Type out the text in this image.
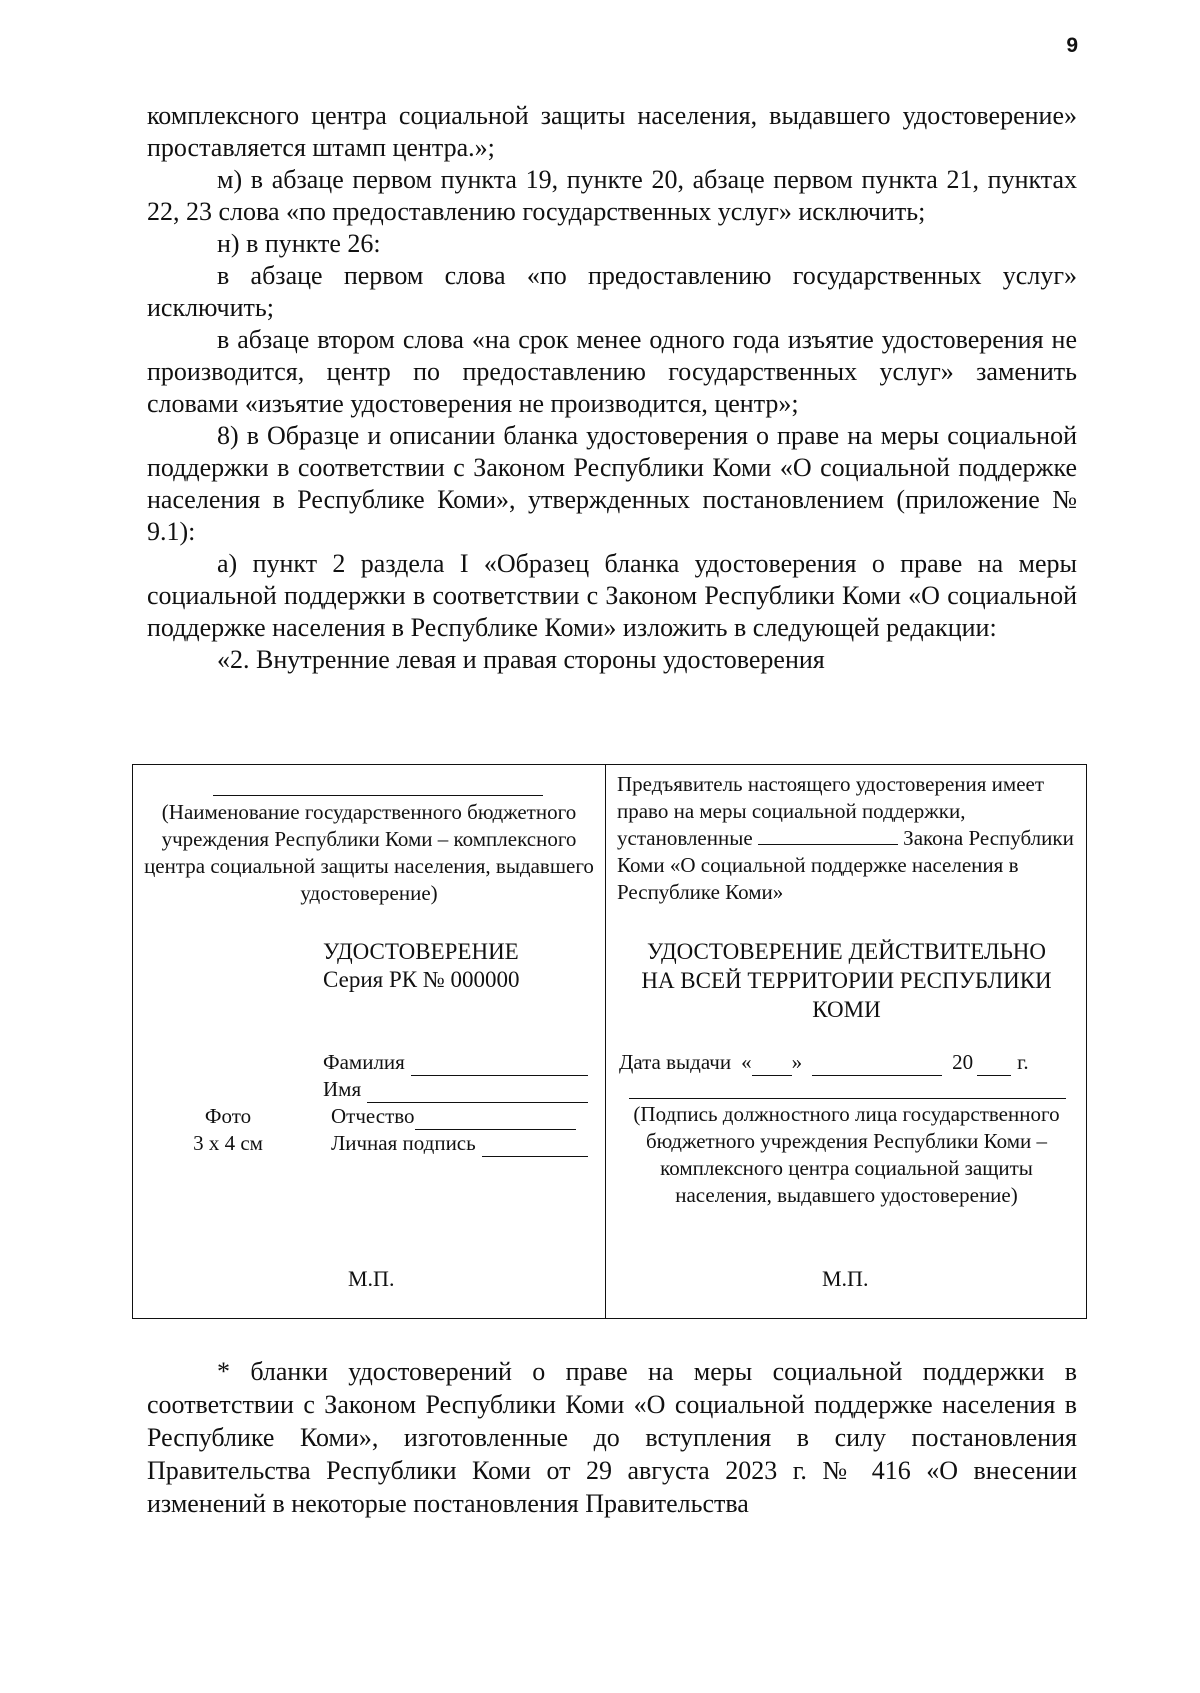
9

комплексного центра социальной защиты населения, выдавшего удостоверение» проставляется штамп центра.»;

м) в абзаце первом пункта 19, пункте 20, абзаце первом пункта 21, пунктах 22, 23 слова «по предоставлению государственных услуг» исключить;

н) в пункте 26:

в абзаце первом слова «по предоставлению государственных услуг» исключить;

в абзаце втором слова «на срок менее одного года изъятие удостоверения не производится, центр по предоставлению государственных услуг» заменить словами «изъятие удостоверения не производится, центр»;

8) в Образце и описании бланка удостоверения о праве на меры социальной поддержки в соответствии с Законом Республики Коми «О социальной поддержке населения в Республике Коми», утвержденных постановлением (приложение № 9.1):

а) пункт 2 раздела I «Образец бланка удостоверения о праве на меры социальной поддержки в соответствии с Законом Республики Коми «О социальной поддержке населения в Республике Коми» изложить в следующей редакции:

«2. Внутренние левая и правая стороны удостоверения

(Наименование государственного бюджетного учреждения Республики Коми – комплексного центра социальной защиты населения, выдавшего удостоверение)
УДОСТОВЕРЕНИЕ
Серия РК № 000000
Фамилия
Имя
Отчество
Личная подпись
Фото
3 х 4 см
М.П.
Предъявитель настоящего удостоверения имеет право на меры социальной поддержки, установленные	Закона Республики Коми «О социальной поддержке населения в Республике Коми»
УДОСТОВЕРЕНИЕ ДЕЙСТВИТЕЛЬНО
НА ВСЕЙ ТЕРРИТОРИИ РЕСПУБЛИКИ
КОМИ
Дата выдачи « »	20 г.
(Подпись должностного лица государственного бюджетного учреждения Республики Коми – комплексного центра социальной защиты населения, выдавшего удостоверение)
М.П.

* бланки удостоверений о праве на меры социальной поддержки в соответствии с Законом Республики Коми «О социальной поддержке населения в Республике Коми», изготовленные до вступления в силу постановления Правительства Республики Коми от 29 августа 2023 г. № 416 «О внесении изменений в некоторые постановления Правительства
